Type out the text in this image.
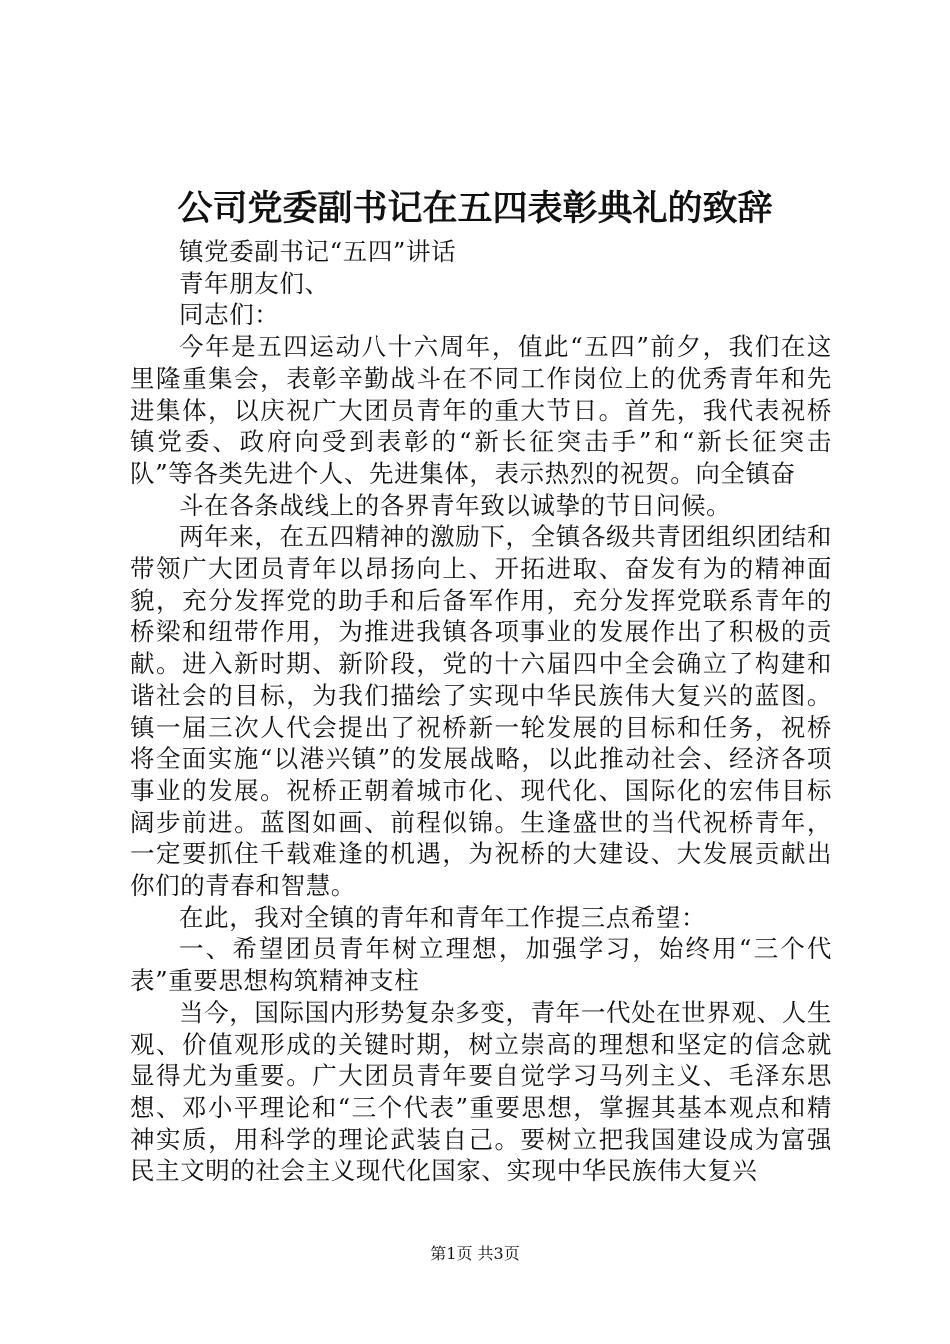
公司党委副书记在五四表彰典礼的致辞

镇党委副书记“五四”讲话

青年朋友们、

同志们：

今年是五四运动八十六周年，值此“五四”前夕，我们在这里隆重集会，表彰辛勤战斗在不同工作岗位上的优秀青年和先进集体，以庆祝广大团员青年的重大节日。首先，我代表祝桥镇党委、政府向受到表彰的“新长征突击手”和“新长征突击队”等各类先进个人、先进集体，表示热烈的祝贺。向全镇奋

斗在各条战线上的各界青年致以诚挚的节日问候。

两年来，在五四精神的激励下，全镇各级共青团组织团结和带领广大团员青年以昂扬向上、开拓进取、奋发有为的精神面貌，充分发挥党的助手和后备军作用，充分发挥党联系青年的桥梁和纽带作用，为推进我镇各项事业的发展作出了积极的贡献。进入新时期、新阶段，党的十六届四中全会确立了构建和谐社会的目标，为我们描绘了实现中华民族伟大复兴的蓝图。镇一届三次人代会提出了祝桥新一轮发展的目标和任务，祝桥将全面实施“以港兴镇”的发展战略，以此推动社会、经济各项事业的发展。祝桥正朝着城市化、现代化、国际化的宏伟目标阔步前进。蓝图如画、前程似锦。生逢盛世的当代祝桥青年，一定要抓住千载难逢的机遇，为祝桥的大建设、大发展贡献出你们的青春和智慧。

在此，我对全镇的青年和青年工作提三点希望：

一、希望团员青年树立理想，加强学习，始终用“三个代表”重要思想构筑精神支柱

当今，国际国内形势复杂多变，青年一代处在世界观、人生观、价值观形成的关键时期，树立崇高的理想和坚定的信念就显得尤为重要。广大团员青年要自觉学习马列主义、毛泽东思想、邓小平理论和“三个代表”重要思想，掌握其基本观点和精神实质，用科学的理论武装自己。要树立把我国建设成为富强民主文明的社会主义现代化国家、实现中华民族伟大复兴

第1页 共3页
